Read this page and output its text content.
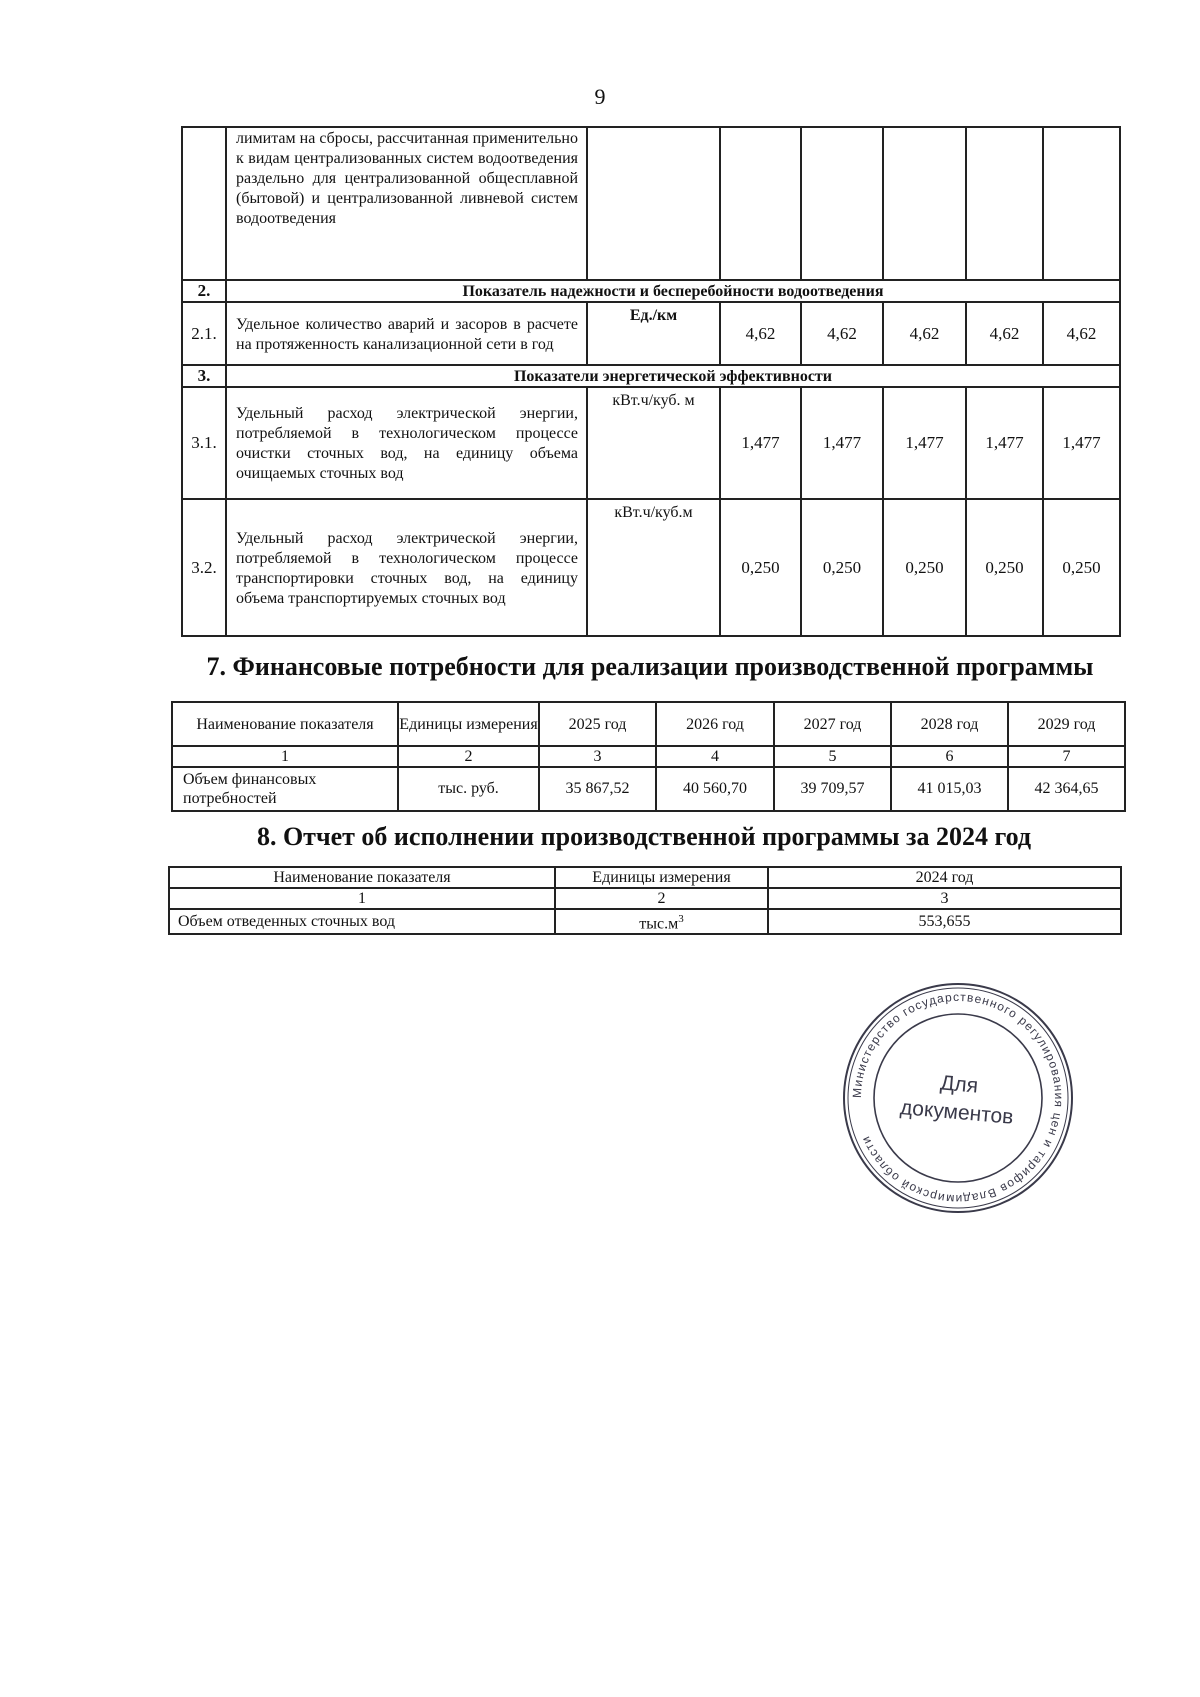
9
	лимитам на сбросы, рассчитанная применительно к видам централизованных систем водоотведения раздельно для централизованной общесплавной (бытовой) и централизованной ливневой систем водоотведения						
2.	Показатель надежности и бесперебойности водоотведения						
2.1.	Удельное количество аварий и засоров в расчете на протяженность канализационной сети в год	Ед./км	4,62	4,62	4,62	4,62	4,62
3.	Показатели энергетической эффективности						
3.1.	Удельный расход электрической энергии, потребляемой в технологическом процессе очистки сточных вод, на единицу объема очищаемых сточных вод	кВт.ч/куб. м	1,477	1,477	1,477	1,477	1,477
3.2.	Удельный расход электрической энергии, потребляемой в технологическом процессе транспортировки сточных вод, на единицу объема транспортируемых сточных вод	кВт.ч/куб.м	0,250	0,250	0,250	0,250	0,250
7. Финансовые потребности для реализации производственной программы
Наименование показателя	Единицы измерения	2025 год	2026 год	2027 год	2028 год	2029 год
1	2	3	4	5	6	7
Объем финансовых потребностей	тыс. руб.	35 867,52	40 560,70	39 709,57	41 015,03	42 364,65
8. Отчет об исполнении производственной программы за 2024 год
Наименование показателя	Единицы измерения	2024 год
1	2	3
Объем отведенных сточных вод	$тыс.м^3$	553,655
Министерство государственного регулирования цен и тарифов Владимирской области
Для
документов
